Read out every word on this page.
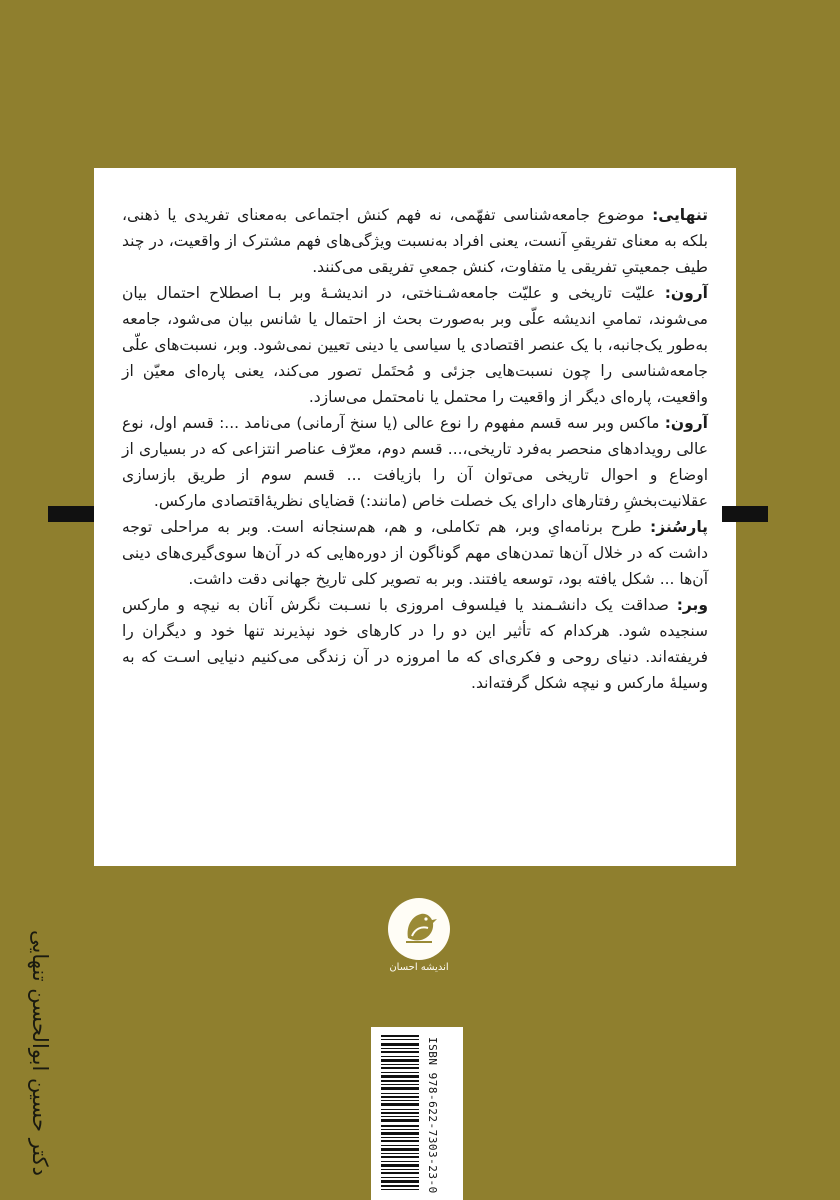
تنهایی: موضوع جامعه‌شناسی تفهّمی، نه فهم کنش اجتماعی به‌معنای تفریدی یا ذهنی، بلکه به معنای تفریقیِ آنست، یعنی افراد به‌نسبت ویژگی‌های فهم مشترک از واقعیت، در چند طیف جمعیتیِ تفریقی یا متفاوت، کنش جمعیِ تفریقی می‌کنند.

آرون: علیّت تاریخی و علیّت جامعه‌شـناختی، در اندیشـهٔ وبر بـا اصطلاح احتمال بیان می‌شوند، تمامیِ اندیشه علّی وبر به‌صورت بحث از احتمال یا شانس بیان می‌شود، جامعه به‌طور یک‌جانبه، با یک عنصر اقتصادی یا سیاسی یا دینی تعیین نمی‌شود. وبر، نسبت‌های علّی جامعه‌شناسی را چون نسبت‌هایی جزئی و مُحتَمل تصور می‌کند، یعنی پاره‌ای معیّن از واقعیت، پاره‌ای دیگر از واقعیت را محتمل یا نامحتمل می‌سازد.

آرون: ماکس وبر سه قسم مفهوم را نوع عالی (یا سنخ آرمانی) می‌نامد ...: قسم اول، نوع عالی رویدادهای منحصر به‌فرد تاریخی،... قسم دوم، معرّف عناصر انتزاعی که در بسیاری از اوضاع و احوال تاریخی می‌توان آن را بازیافت ... قسم سوم از طریق بازسازی عقلانیت‌بخشِ رفتارهای دارای یک خصلت خاص (مانند:) قضایای نظریهٔ‌اقتصادی مارکس.

پارسُنز: طرح برنامه‌ایِ وبر، هم تکاملی، و هم، هم‌سنجانه است. وبر به مراحلی توجه داشت که در خلال آن‌ها تمدن‌های مهم گوناگون از دوره‌هایی که در آن‌ها سوی‌گیری‌های دینی آن‌ها ... شکل یافته بود، توسعه یافتند. وبر به تصویر کلی تاریخ جهانی دقت داشت.

وبر: صداقت یک دانشـمند یا فیلسوف امروزی با نسـبت نگرش آنان به نیچه و مارکس سنجیده شود. هرکدام که تأثیر این دو را در کارهای خود نپذیرند تنها خود و دیگران را فریفته‌اند. دنیای روحی و فکری‌ای که ما امروزه در آن زندگی می‌کنیم دنیایی اسـت که به وسیلهٔ مارکس و نیچه شکل گرفته‌اند.

اندیشه احسان
ISBN 978-622-7303-23-0
دکتر حسین ابوالحسن تنهایی
